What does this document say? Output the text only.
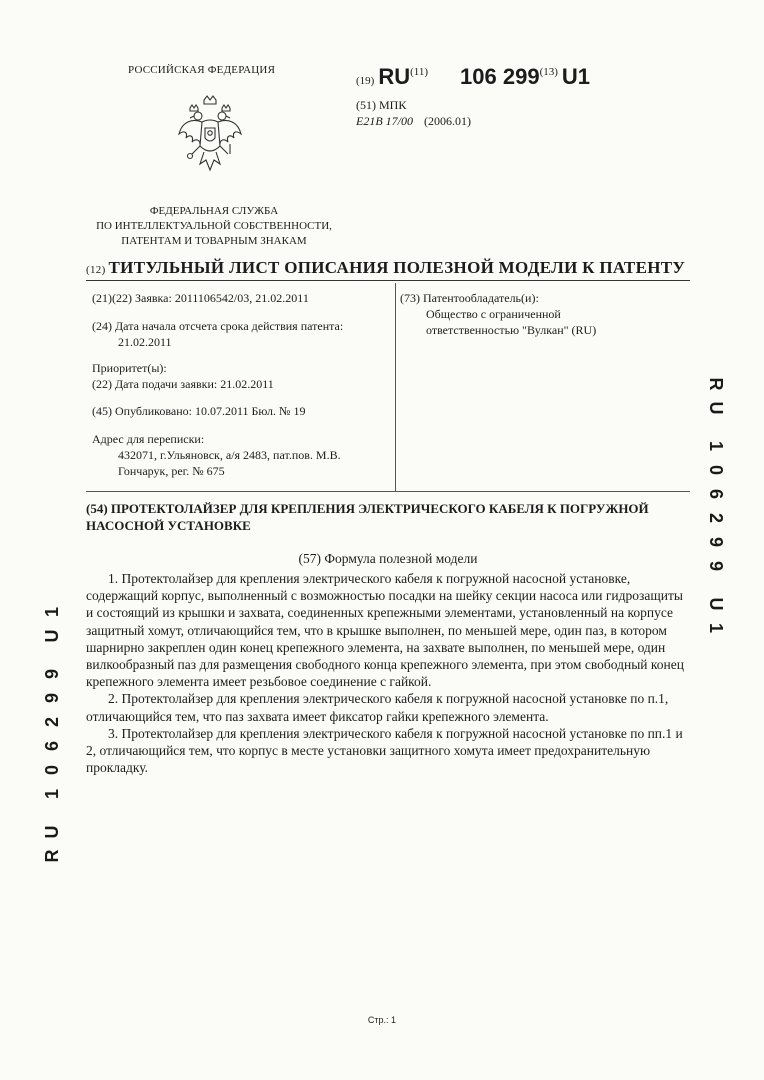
РОССИЙСКАЯ ФЕДЕРАЦИЯ
ФЕДЕРАЛЬНАЯ СЛУЖБА
ПО ИНТЕЛЛЕКТУАЛЬНОЙ СОБСТВЕННОСТИ,
ПАТЕНТАМ И ТОВАРНЫМ ЗНАКАМ
(19) RU$^{(11)}$ 106 299$^{(13)}$ U1
(51) МПК
E21B 17/00 (2006.01)
(12) ТИТУЛЬНЫЙ ЛИСТ ОПИСАНИЯ ПОЛЕЗНОЙ МОДЕЛИ К ПАТЕНТУ
(21)(22) Заявка: 2011106542/03, 21.02.2011
(24) Дата начала отсчета срока действия патента:
21.02.2011
Приоритет(ы):
(22) Дата подачи заявки: 21.02.2011
(45) Опубликовано: 10.07.2011 Бюл. № 19
Адрес для переписки:
432071, г.Ульяновск, а/я 2483, пат.пов. М.В.
Гончарук, рег. № 675
(73) Патентообладатель(и):
Общество с ограниченной
ответственностью "Вулкан" (RU)
(54) ПРОТЕКТОЛАЙЗЕР ДЛЯ КРЕПЛЕНИЯ ЭЛЕКТРИЧЕСКОГО КАБЕЛЯ К ПОГРУЖНОЙ
НАСОСНОЙ УСТАНОВКЕ
(57) Формула полезной модели

1. Протектолайзер для крепления электрического кабеля к погружной насосной установке, содержащий корпус, выполненный с возможностью посадки на шейку секции насоса или гидрозащиты и состоящий из крышки и захвата, соединенных крепежными элементами, установленный на корпусе защитный хомут, отличающийся тем, что в крышке выполнен, по меньшей мере, один паз, в котором шарнирно закреплен один конец крепежного элемента, на захвате выполнен, по меньшей мере, один вилкообразный паз для размещения свободного конца крепежного элемента, при этом свободный конец крепежного элемента имеет резьбовое соединение с гайкой.

2. Протектолайзер для крепления электрического кабеля к погружной насосной установке по п.1, отличающийся тем, что паз захвата имеет фиксатор гайки крепежного элемента.

3. Протектолайзер для крепления электрического кабеля к погружной насосной установке по пп.1 и 2, отличающийся тем, что корпус в месте установки защитного хомута имеет предохранительную прокладку.

R
U
1
0
6
2
9
9
U
1
1
U
9
9
2
6
0
1
U
R
Стр.: 1
